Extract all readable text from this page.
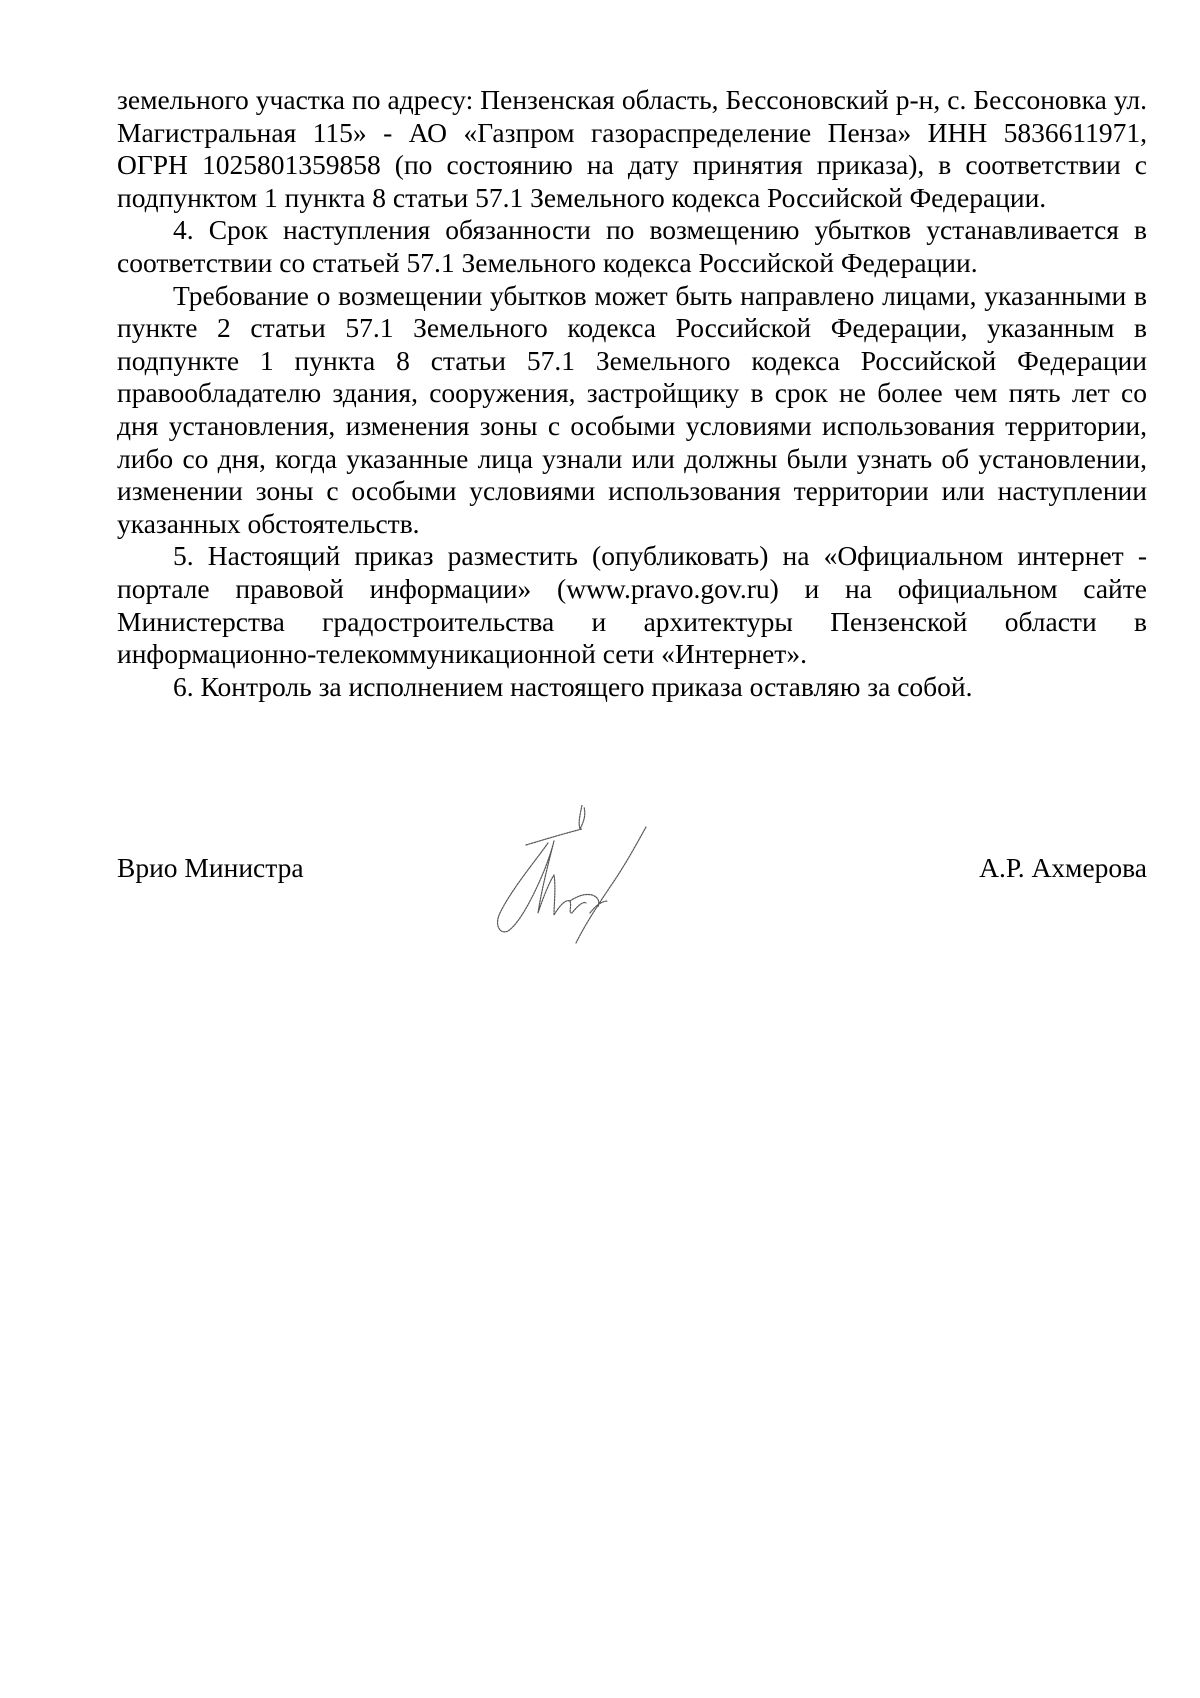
земельного участка по адресу: Пензенская область, Бессоновский р-н, с. Бессоновка ул. Магистральная 115» - АО «Газпром газораспределение Пенза» ИНН 5836611971, ОГРН 1025801359858 (по состоянию на дату принятия приказа), в соответствии с подпунктом 1 пункта 8 статьи 57.1 Земельного кодекса Российской Федерации.

4. Срок наступления обязанности по возмещению убытков устанавливается в соответствии со статьей 57.1 Земельного кодекса Российской Федерации.

Требование о возмещении убытков может быть направлено лицами, указанными в пункте 2 статьи 57.1 Земельного кодекса Российской Федерации, указанным в подпункте 1 пункта 8 статьи 57.1 Земельного кодекса Российской Федерации правообладателю здания, сооружения, застройщику в срок не более чем пять лет со дня установления, изменения зоны с особыми условиями использования территории, либо со дня, когда указанные лица узнали или должны были узнать об установлении, изменении зоны с особыми условиями использования территории или наступлении указанных обстоятельств.

5. Настоящий приказ разместить (опубликовать) на «Официальном интернет - портале правовой информации» (www.pravo.gov.ru) и на официальном сайте Министерства градостроительства и архитектуры Пензенской области в информационно-телекоммуникационной сети «Интернет».

6. Контроль за исполнением настоящего приказа оставляю за собой.

Врио Министра	А.Р. Ахмерова
